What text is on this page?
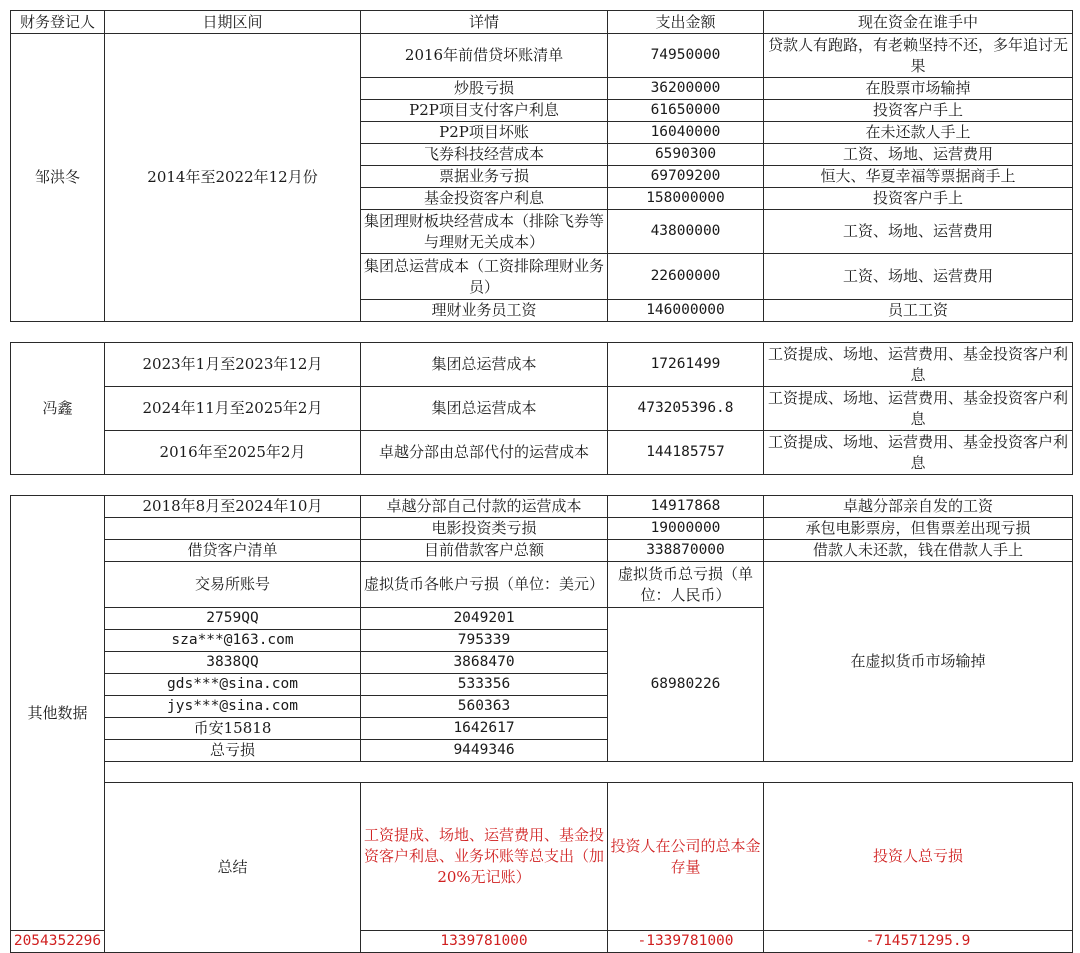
财务登记人	日期区间	详情	支出金额	现在资金在谁手中	
邹洪冬	2014年至2022年12月份	2016年前借贷坏账清单	74950000	贷款人有跑路，有老赖坚持不还，多年追讨无果	
		炒股亏损	36200000	在股票市场输掉	
		P2P项目支付客户利息	61650000	投资客户手上	
		P2P项目坏账	16040000	在未还款人手上	
		飞券科技经营成本	6590300	工资、场地、运营费用	
		票据业务亏损	69709200	恒大、华夏幸福等票据商手上	
		基金投资客户利息	158000000	投资客户手上	
		集团理财板块经营成本（排除飞券等与理财无关成本）	43800000	工资、场地、运营费用	
		集团总运营成本（工资排除理财业务员）	22600000	工资、场地、运营费用	
		理财业务员工资	146000000	员工工资	

冯鑫	2023年1月至2023年12月	集团总运营成本	17261499	工资提成、场地、运营费用、基金投资客户利息	
	2024年11月至2025年2月	集团总运营成本	473205396.8	工资提成、场地、运营费用、基金投资客户利息	
	2016年至2025年2月	卓越分部由总部代付的运营成本	144185757	工资提成、场地、运营费用、基金投资客户利息	

其他数据	2018年8月至2024年10月	卓越分部自己付款的运营成本	14917868	卓越分部亲自发的工资	
		电影投资类亏损	19000000	承包电影票房，但售票差出现亏损	
	借贷客户清单	目前借款客户总额	338870000	借款人未还款，钱在借款人手上	
	交易所账号	虚拟货币各帐户亏损（单位：美元）	虚拟货币总亏损（单位：人民币）	在虚拟货币市场输掉	
	2759QQ	2049201	68980226		
	sza***@163.com	795339			
	3838QQ	3868470			
	gds***@sina.com	533356			
	jys***@sina.com	560363			
	币安15818	1642617			
	总亏损	9449346			

	总结	工资提成、场地、运营费用、基金投资客户利息、业务坏账等总支出（加20%无记账）	投资人在公司的总本金存量	投资人总亏损	
2054352296		1339781000	-1339781000	-714571295.9	
